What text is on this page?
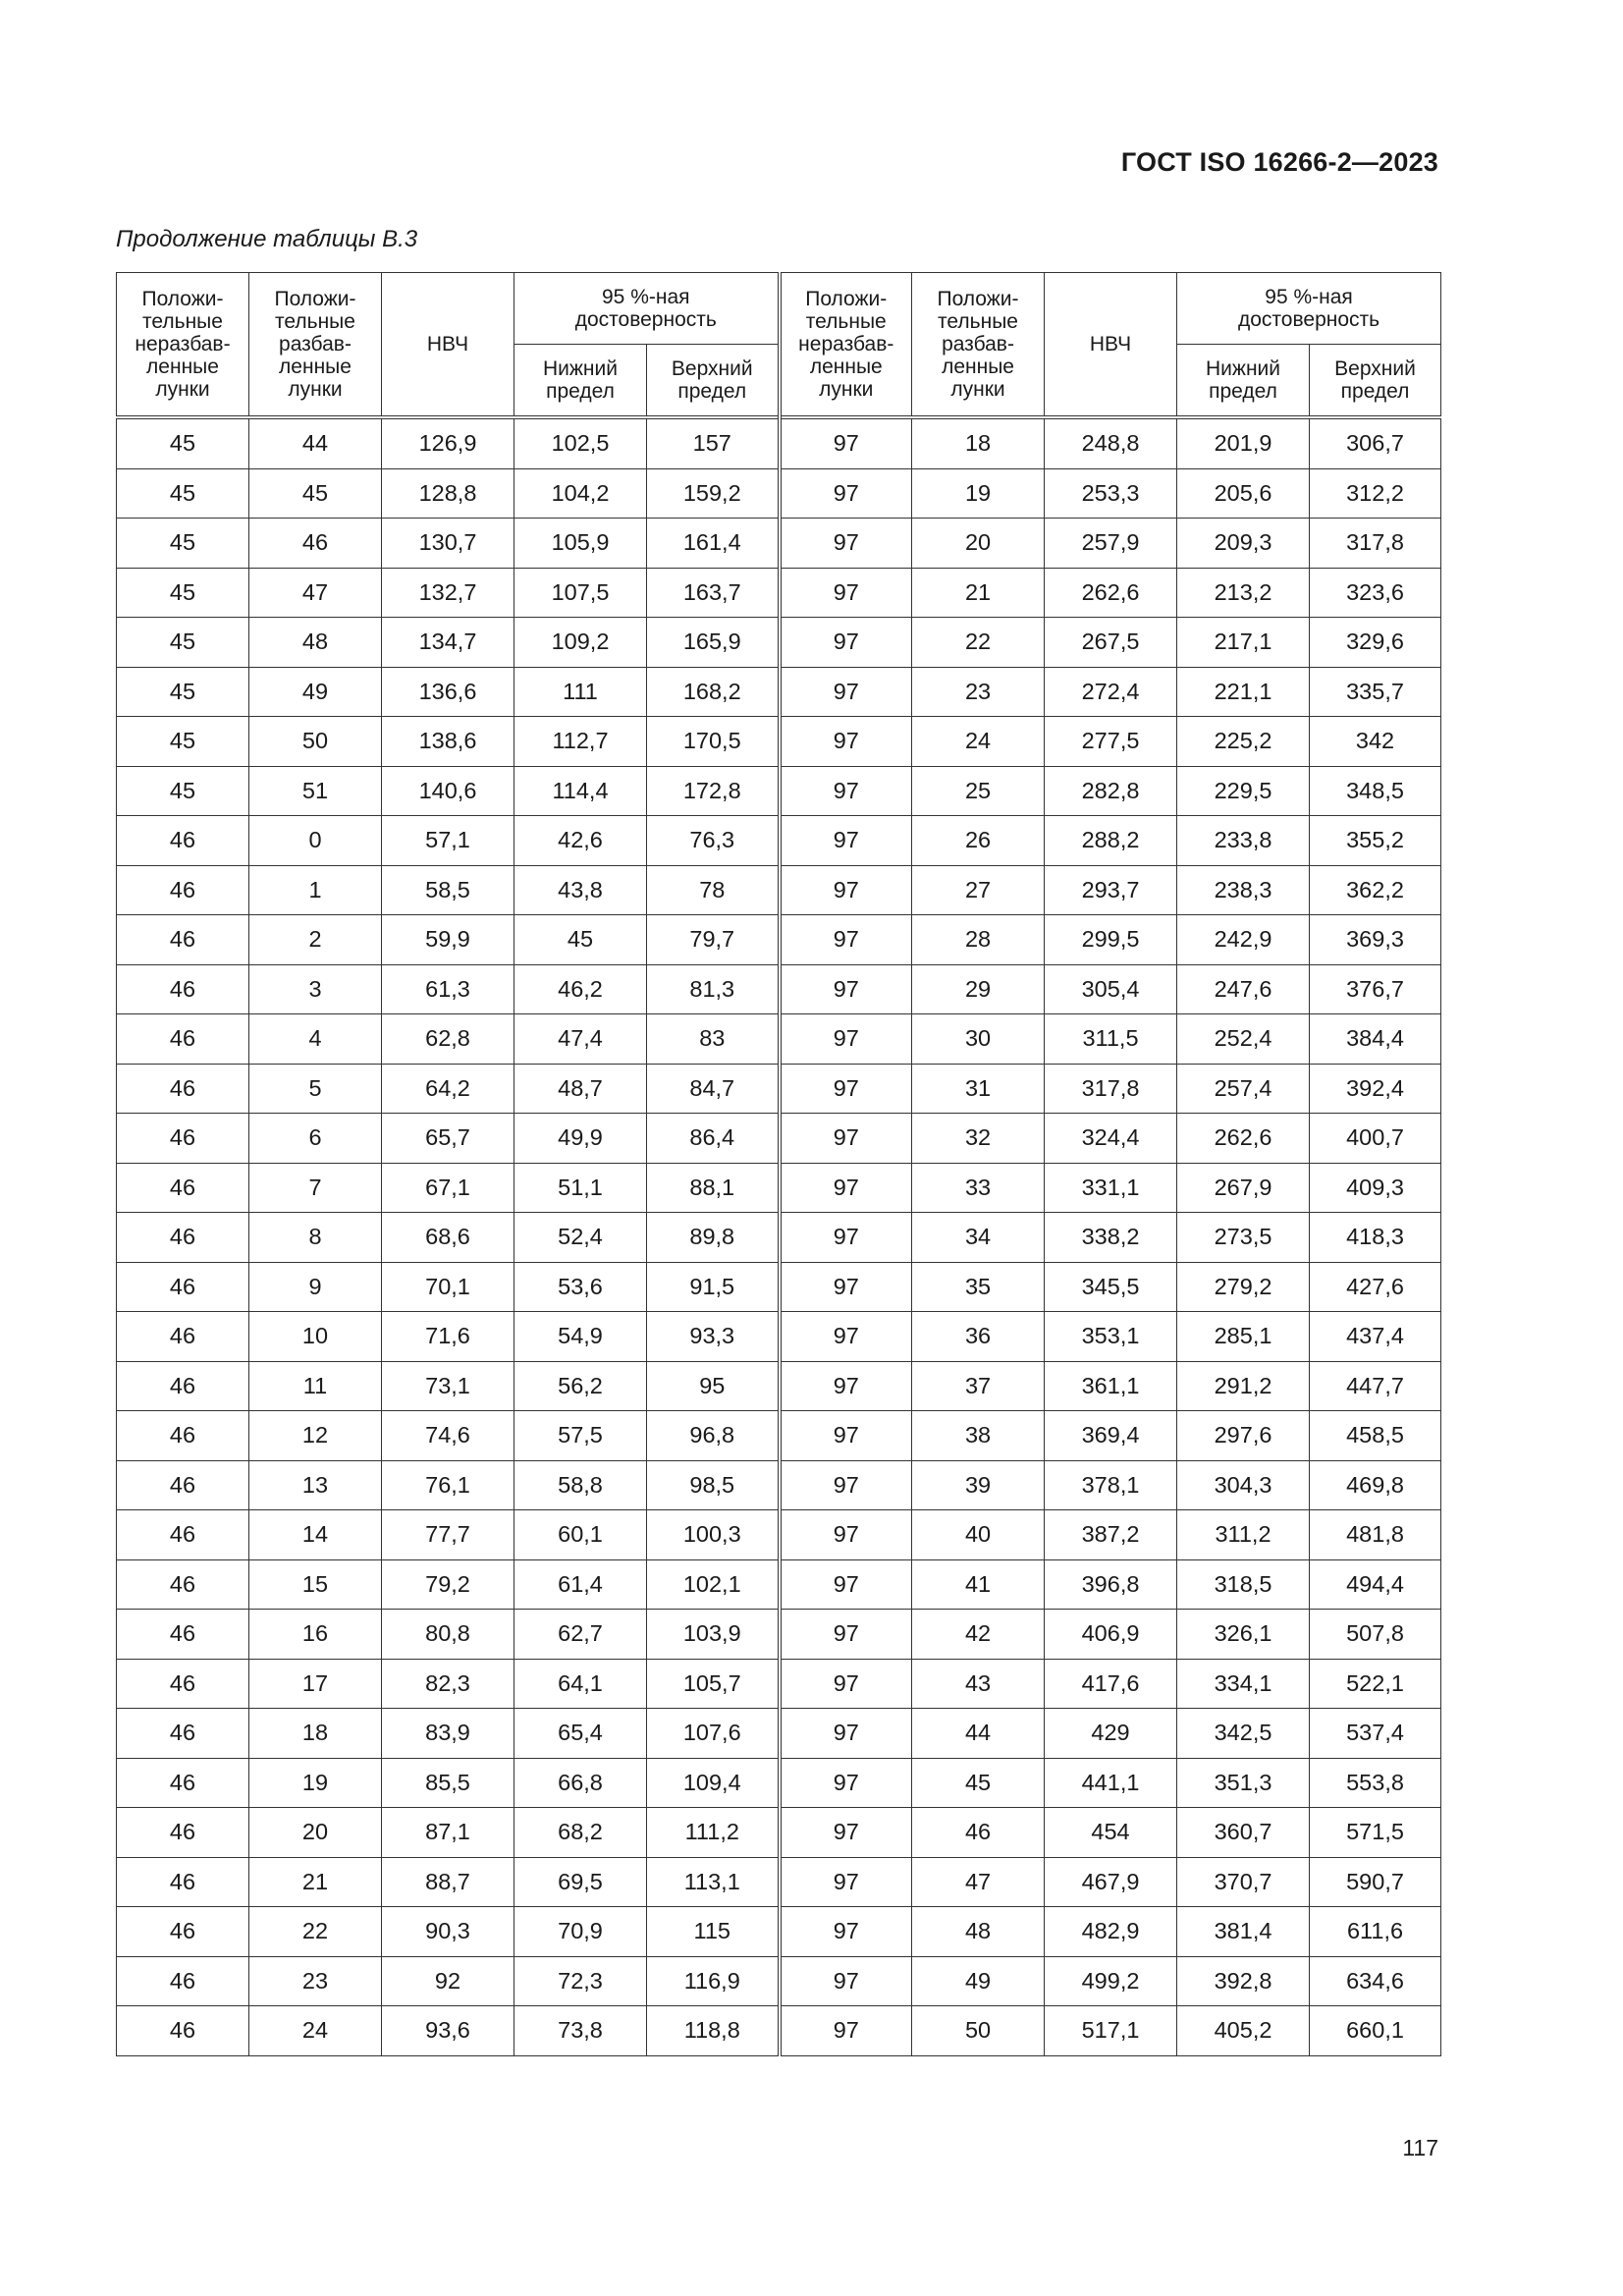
ГОСТ ISO 16266-2—2023
Продолжение таблицы В.3
Положи-
тельные
неразбав-
ленные
лунки	Положи-
тельные
разбав-
ленные
лунки	НВЧ	95 %-ная
достоверность		Положи-
тельные
неразбав-
ленные
лунки	Положи-
тельные
разбав-
ленные
лунки	НВЧ	95 %-ная
достоверность	
			Нижний
предел	Верхний
предел				Нижний
предел	Верхний
предел
45	44	126,9	102,5	157	97	18	248,8	201,9	306,7
45	45	128,8	104,2	159,2	97	19	253,3	205,6	312,2
45	46	130,7	105,9	161,4	97	20	257,9	209,3	317,8
45	47	132,7	107,5	163,7	97	21	262,6	213,2	323,6
45	48	134,7	109,2	165,9	97	22	267,5	217,1	329,6
45	49	136,6	111	168,2	97	23	272,4	221,1	335,7
45	50	138,6	112,7	170,5	97	24	277,5	225,2	342
45	51	140,6	114,4	172,8	97	25	282,8	229,5	348,5
46	0	57,1	42,6	76,3	97	26	288,2	233,8	355,2
46	1	58,5	43,8	78	97	27	293,7	238,3	362,2
46	2	59,9	45	79,7	97	28	299,5	242,9	369,3
46	3	61,3	46,2	81,3	97	29	305,4	247,6	376,7
46	4	62,8	47,4	83	97	30	311,5	252,4	384,4
46	5	64,2	48,7	84,7	97	31	317,8	257,4	392,4
46	6	65,7	49,9	86,4	97	32	324,4	262,6	400,7
46	7	67,1	51,1	88,1	97	33	331,1	267,9	409,3
46	8	68,6	52,4	89,8	97	34	338,2	273,5	418,3
46	9	70,1	53,6	91,5	97	35	345,5	279,2	427,6
46	10	71,6	54,9	93,3	97	36	353,1	285,1	437,4
46	11	73,1	56,2	95	97	37	361,1	291,2	447,7
46	12	74,6	57,5	96,8	97	38	369,4	297,6	458,5
46	13	76,1	58,8	98,5	97	39	378,1	304,3	469,8
46	14	77,7	60,1	100,3	97	40	387,2	311,2	481,8
46	15	79,2	61,4	102,1	97	41	396,8	318,5	494,4
46	16	80,8	62,7	103,9	97	42	406,9	326,1	507,8
46	17	82,3	64,1	105,7	97	43	417,6	334,1	522,1
46	18	83,9	65,4	107,6	97	44	429	342,5	537,4
46	19	85,5	66,8	109,4	97	45	441,1	351,3	553,8
46	20	87,1	68,2	111,2	97	46	454	360,7	571,5
46	21	88,7	69,5	113,1	97	47	467,9	370,7	590,7
46	22	90,3	70,9	115	97	48	482,9	381,4	611,6
46	23	92	72,3	116,9	97	49	499,2	392,8	634,6
46	24	93,6	73,8	118,8	97	50	517,1	405,2	660,1
117
